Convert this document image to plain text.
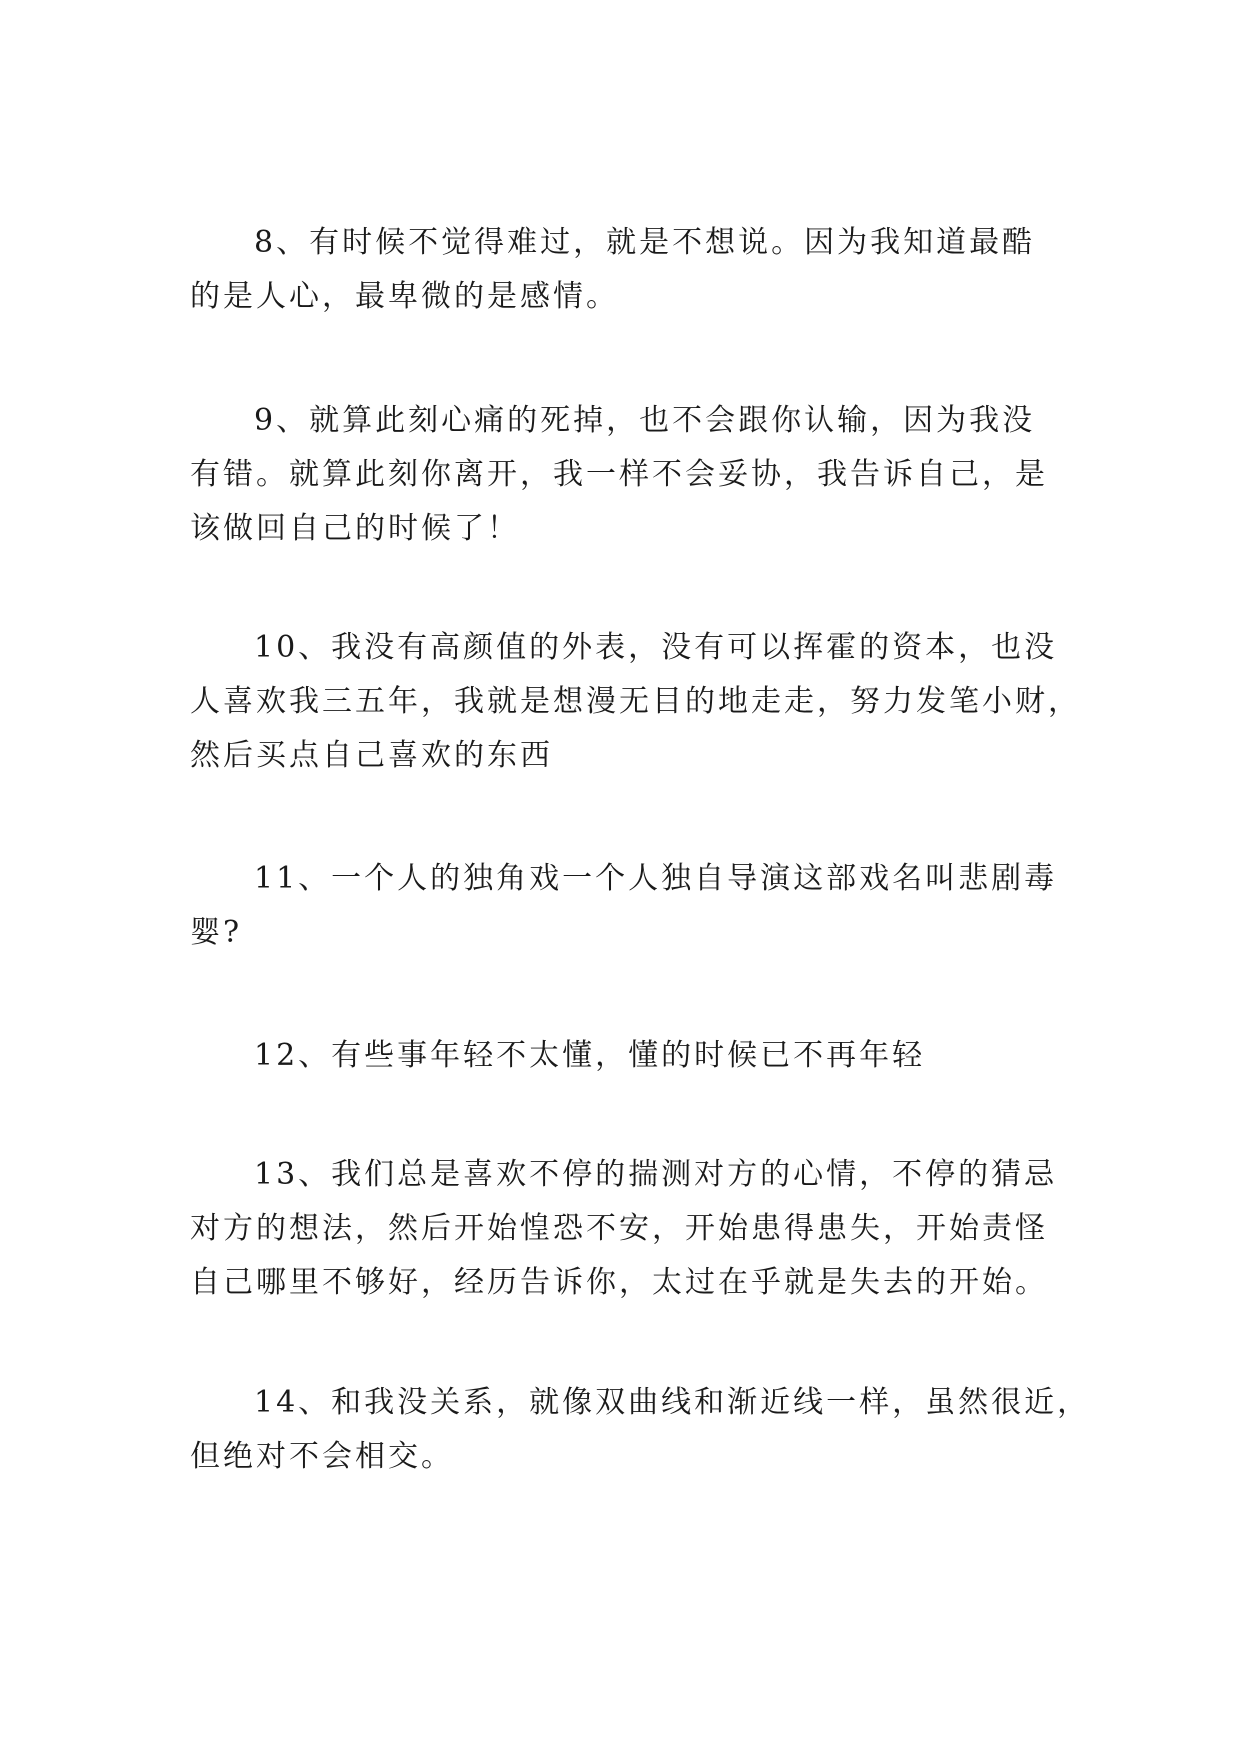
8、有时候不觉得难过，就是不想说。因为我知道最酷
的是人心，最卑微的是感情。
9、就算此刻心痛的死掉，也不会跟你认输，因为我没
有错。就算此刻你离开，我一样不会妥协，我告诉自己，是
该做回自己的时候了！
10、我没有高颜值的外表，没有可以挥霍的资本，也没
人喜欢我三五年，我就是想漫无目的地走走，努力发笔小财，
然后买点自己喜欢的东西
11、一个人的独角戏一个人独自导演这部戏名叫悲剧毒
婴?
12、有些事年轻不太懂，懂的时候已不再年轻
13、我们总是喜欢不停的揣测对方的心情，不停的猜忌
对方的想法，然后开始惶恐不安，开始患得患失，开始责怪
自己哪里不够好，经历告诉你，太过在乎就是失去的开始。
14、和我没关系，就像双曲线和渐近线一样，虽然很近，
但绝对不会相交。
